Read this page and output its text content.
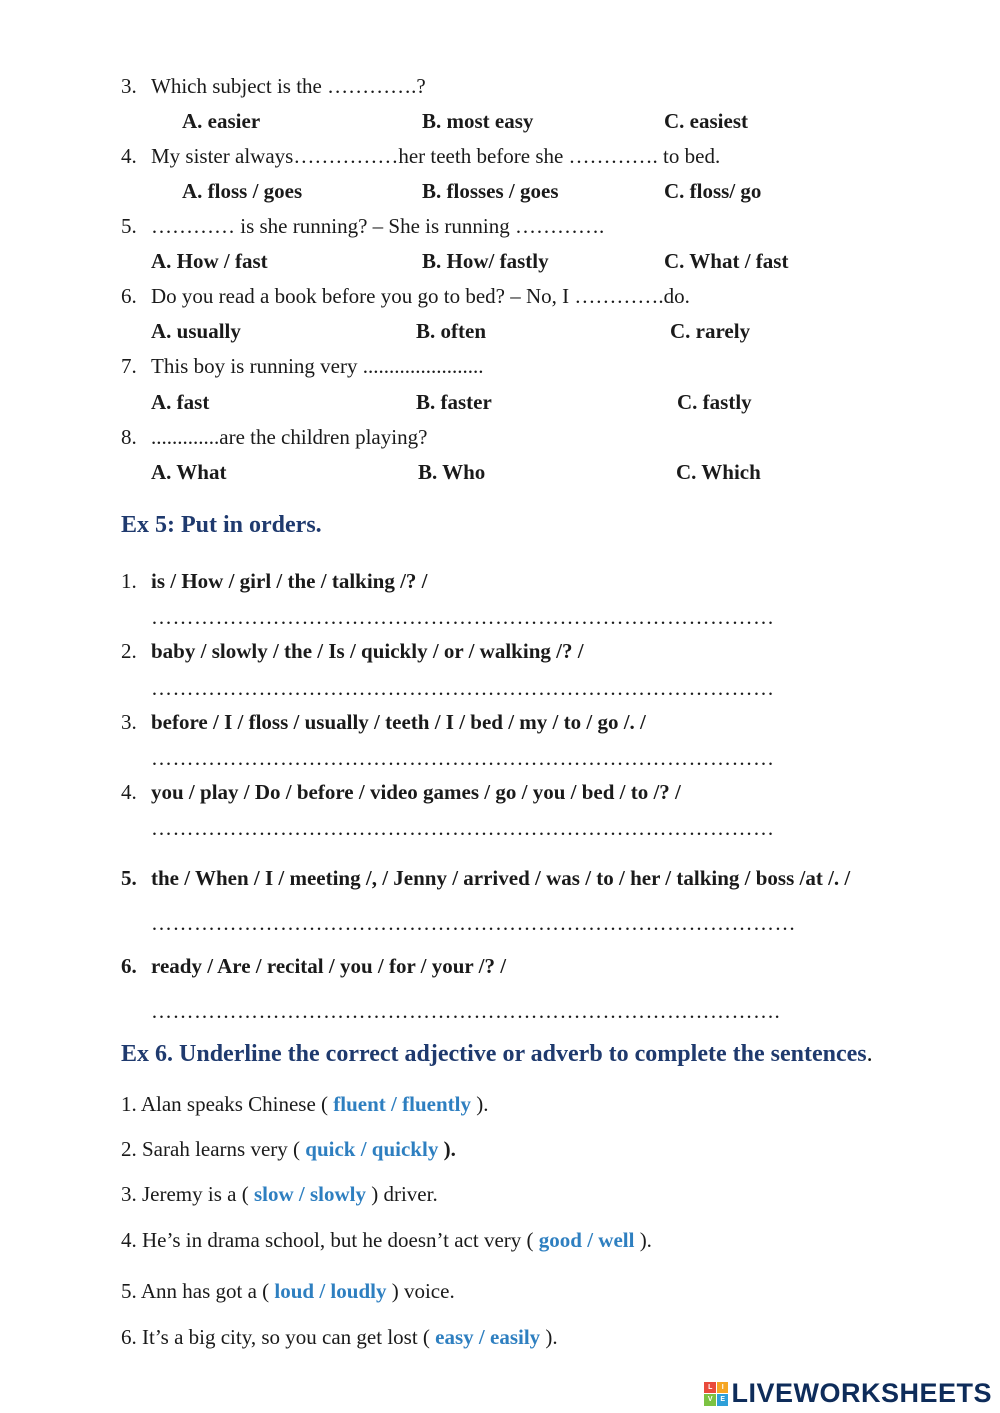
3. Which subject is the ………….?
A. easier	B. most easy	C. easiest
4. My sister always……………her teeth before she …………. to bed.
A. floss / goes	B. flosses / goes	C. floss/ go
5. ………… is she running? – She is running ………….
A. How / fast	B. How/ fastly	C. What / fast
6. Do you read a book before you go to bed? – No, I ………….do.
A. usually	B. often	C. rarely
7. This boy is running very .......................
A. fast	B. faster	C. fastly
8. .............are the children playing?
A. What	B. Who	C. Which
Ex 5: Put in orders.
1. is / How / girl / the / talking /? /
……………………………………………………………………………
2. baby / slowly / the / Is / quickly / or / walking /? /
……………………………………………………………………………
3. before / I / floss / usually / teeth / I / bed / my / to / go /. /
……………………………………………………………………………
4. you / play / Do / before / video games / go / you / bed / to /? /
……………………………………………………………………………
5. the / When / I / meeting /, / Jenny / arrived / was / to / her / talking / boss /at /. /
………………………………………………………………………………
6. ready / Are / recital / you / for / your /? /
…………………………………………………………………………….
Ex 6. Underline the correct adjective or adverb to complete the sentences.
1. Alan speaks Chinese ( fluent / fluently ).
2. Sarah learns very ( quick / quickly ).
3. Jeremy is a ( slow / slowly ) driver.
4. He’s in drama school, but he doesn’t act very ( good / well ).
5. Ann has got a ( loud / loudly ) voice.
6. It’s a big city, so you can get lost ( easy / easily ).
L	I
V	E LIVEWORKSHEETS
